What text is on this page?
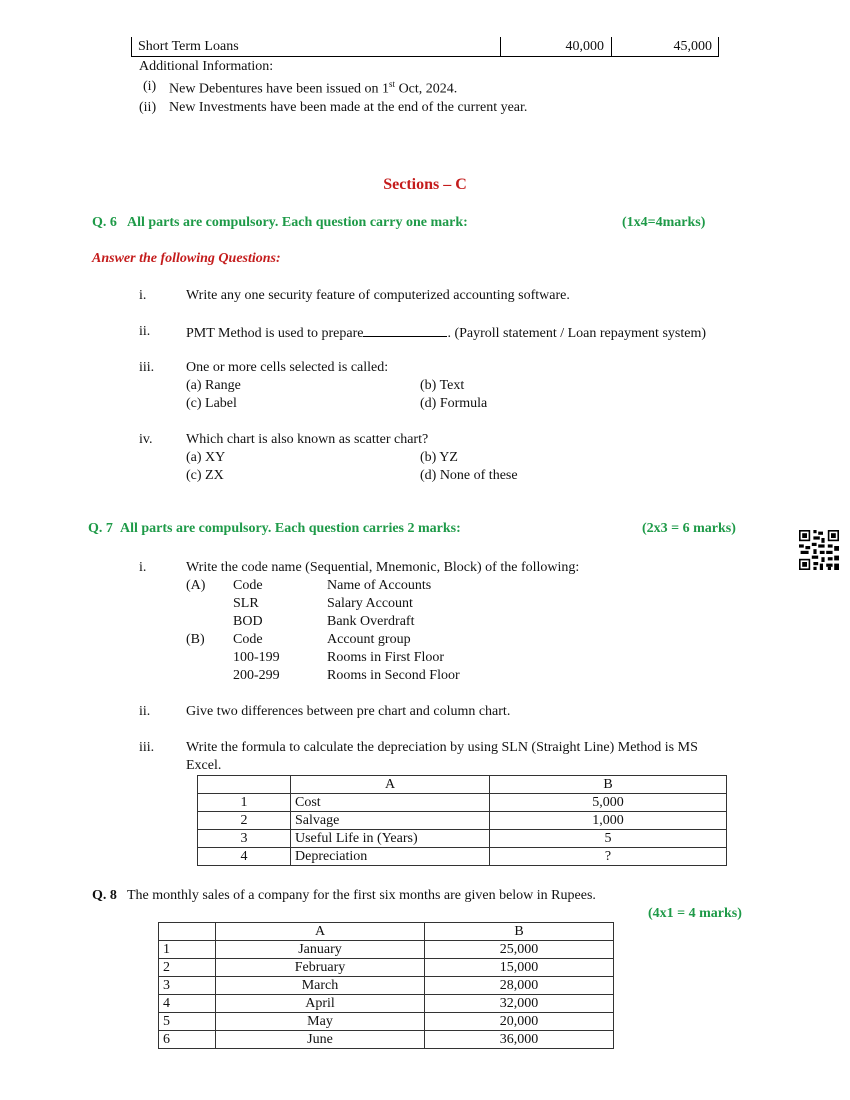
Short Term Loans	40,000	45,000
Additional Information:
(i) New Debentures have been issued on 1st Oct, 2024.
(ii) New Investments have been made at the end of the current year.
Sections – C
Q. 6 All parts are compulsory. Each question carry one mark:	(1x4=4marks)
Answer the following Questions:
i.	Write any one security feature of computerized accounting software.
ii.	PMT Method is used to prepare	. (Payroll statement / Loan repayment system)
iii. One or more cells selected is called:
(a) Range	(b) Text
(c) Label	(d) Formula
iv. Which chart is also known as scatter chart?
(a) XY	(b) YZ
(c) ZX	(d) None of these
Q. 7 All parts are compulsory. Each question carries 2 marks:	(2x3 = 6 marks)
i.	Write the code name (Sequential, Mnemonic, Block) of the following:
(A) Code	Name of Accounts
SLR	Salary Account
BOD	Bank Overdraft
(B) Code	Account group
100-199	Rooms in First Floor
200-299	Rooms in Second Floor
ii.	Give two differences between pre chart and column chart.
iii. Write the formula to calculate the depreciation by using SLN (Straight Line) Method is MS
Excel.
	A	B
1	Cost	5,000
2	Salvage	1,000
3	Useful Life in (Years)	5
4	Depreciation	?
Q. 8 The monthly sales of a company for the first six months are given below in Rupees.
(4x1 = 4 marks)
	A	B
1	January	25,000
2	February	15,000
3	March	28,000
4	April	32,000
5	May	20,000
6	June	36,000
